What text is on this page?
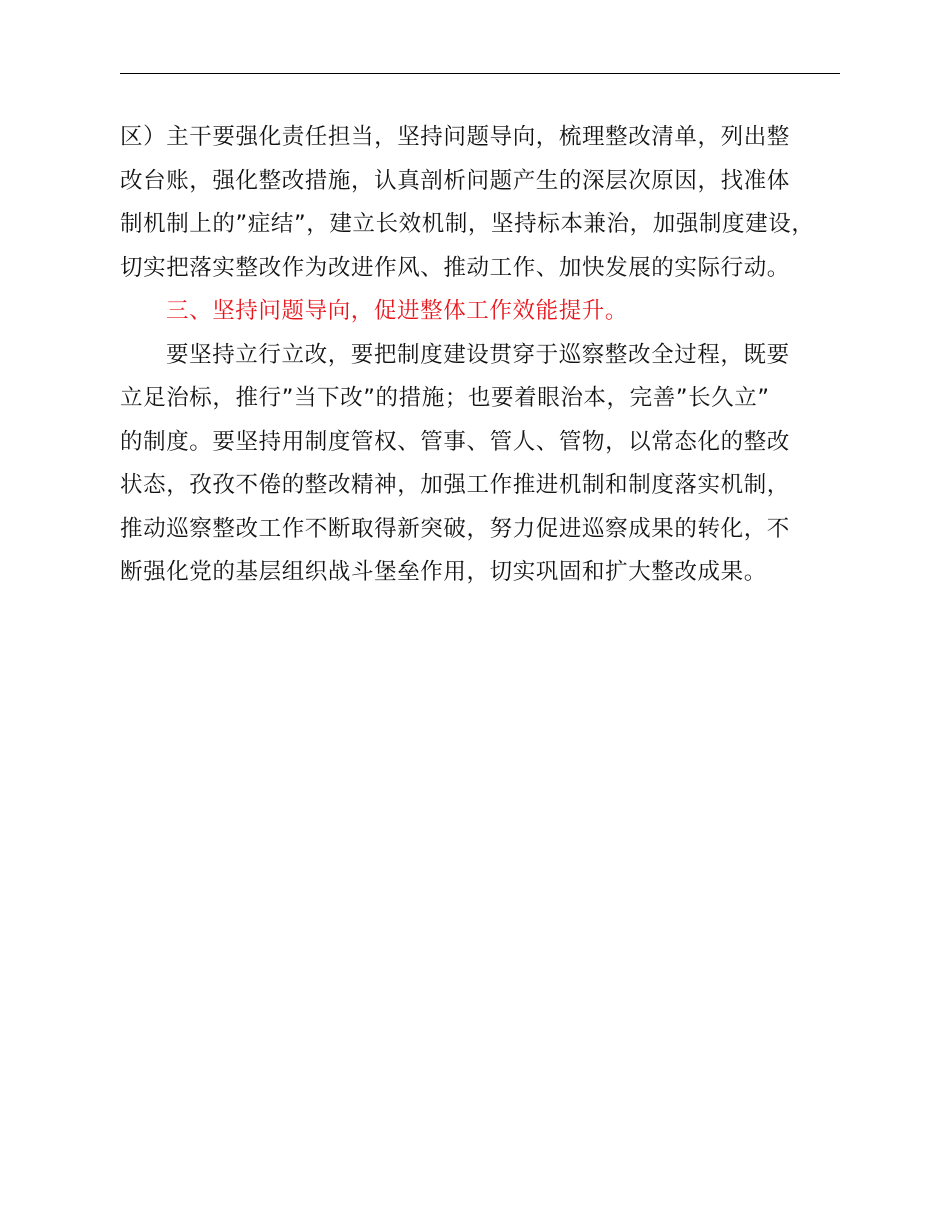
区）主干要强化责任担当，坚持问题导向，梳理整改清单，列出整
改台账，强化整改措施，认真剖析问题产生的深层次原因，找准体
制机制上的”症结”，建立长效机制，坚持标本兼治，加强制度建设，
切实把落实整改作为改进作风、推动工作、加快发展的实际行动。
三、坚持问题导向，促进整体工作效能提升。
要坚持立行立改，要把制度建设贯穿于巡察整改全过程，既要
立足治标，推行”当下改”的措施；也要着眼治本，完善”长久立”
的制度。要坚持用制度管权、管事、管人、管物，以常态化的整改
状态，孜孜不倦的整改精神，加强工作推进机制和制度落实机制，
推动巡察整改工作不断取得新突破，努力促进巡察成果的转化，不
断强化党的基层组织战斗堡垒作用，切实巩固和扩大整改成果。
